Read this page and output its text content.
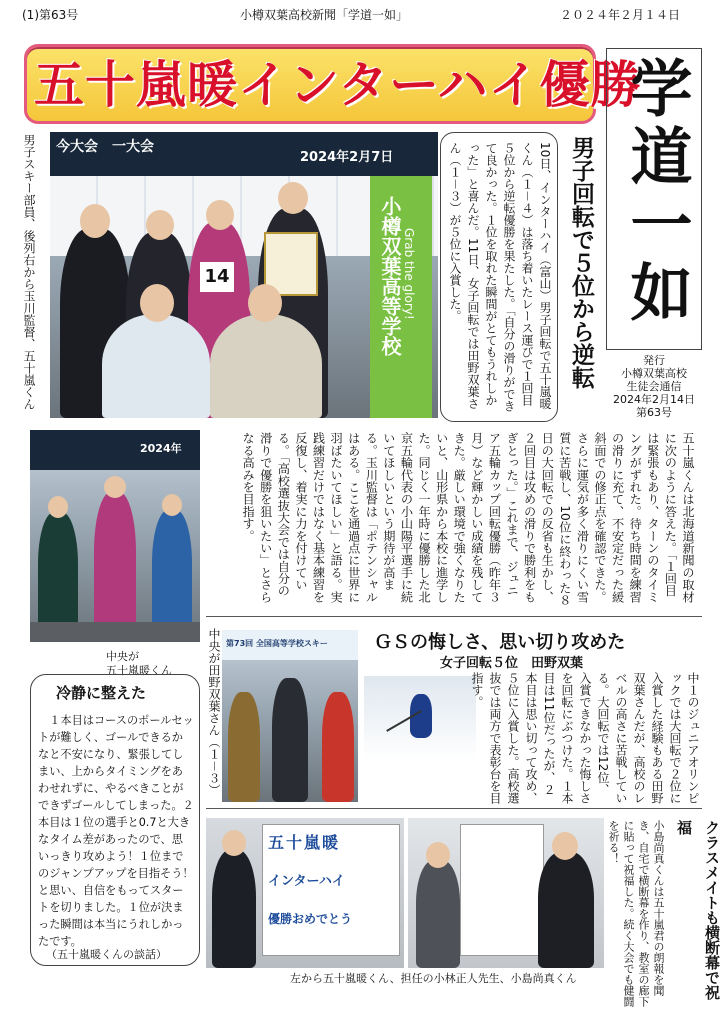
(1)第63号	小樽双葉高校新聞「学道一如」	２０２４年２月１４日
五十嵐暖インターハイ優勝
学道一如
発行
小樽双葉高校
生徒会通信
2024年2月14日
第63号
今大会　一大会
2024年2月7日
小樽双葉高等学校 Grab the glory!
14
男子スキー部員、後列右から玉川監督、五十嵐くん	男子回転で５位から逆転
10日、インターハイ（富山）男子回転で五十嵐暖くん（１－４）は落ち着いたレース運びで１回目５位から逆転優勝を果たした。「自分の滑りができて良かった。１位を取れた瞬間がとてもうれしかった」と喜んだ。11日、女子回転では田野双葉さん（１－３）が５位に入賞した。
2024年
中央が
五十嵐暖くん
五十嵐くんは北海道新聞の取材に次のように答えた。「１回目は緊張もあり、ターンのタイミングがずれた。待ち時間を練習の滑りに充て、不安定だった緩斜面での修正点を確認できた。さらに運気が多く滑りにくい雪質に苦戦し、10位に終わった８日の大回転での反省も生かし、２回目は攻めの滑りで勝利をもぎとった。」これまで、ジュニア五輪カップ回転優勝（昨年３月）など輝かしい成績を残してきた。厳しい環境で強くなりたいと、山形県から本校に進学した。同じく一年時に優勝した北京五輪代表の小山陽平選手に続いてほしいという期待が高まる。玉川監督は「ポテンシャルはある。ここを通過点に世界に羽ばたいてほしい」と語る。実践練習だけではなく基本練習を反復し、着実に力を付けている。「高校選抜大会では自分の滑りで優勝を狙いたい」とさらなる高みを目指す。
冷静に整えた
１本目はコースのポールセットが難しく、ゴールできるかなと不安になり、緊張してしまい、上からタイミングをあわせれずに、やるべきことができずゴールしてしまった。２本目は１位の選手と0.7と大きなタイム差があったので、思いっきり攻めよう！１位までのジャンプアップを目指そう！と思い、自信をもってスタートを切りました。１位が決まった瞬間は本当にうれしかったです。
（五十嵐暖くんの談話）
中央が田野双葉さん（１－３） 第73回 全国高等学校スキー	ＧＳの悔しさ、思い切り攻めた
女子回転５位　田野双葉
中１のジュニアオリンピックでは大回転で２位に入賞した経験もある田野双葉さんだが、高校のレベルの高さに苦戦している。大回転では12位、入賞できなかった悔しさを回転にぶつけた。１本目は11位だったが、２本目は思い切って攻め、５位に入賞した。高校選抜では両方で表彰台を目指す。
五十嵐暖
インターハイ
優勝おめでとう
左から五十嵐暖くん、担任の小林正人先生、小島尚真くん	クラスメイトも横断幕で祝福
小島尚真くんは五十嵐君の朗報を聞き、自宅で横断幕を作り、教室の廊下に貼って祝福した。続く大会でも健闘を祈る！
